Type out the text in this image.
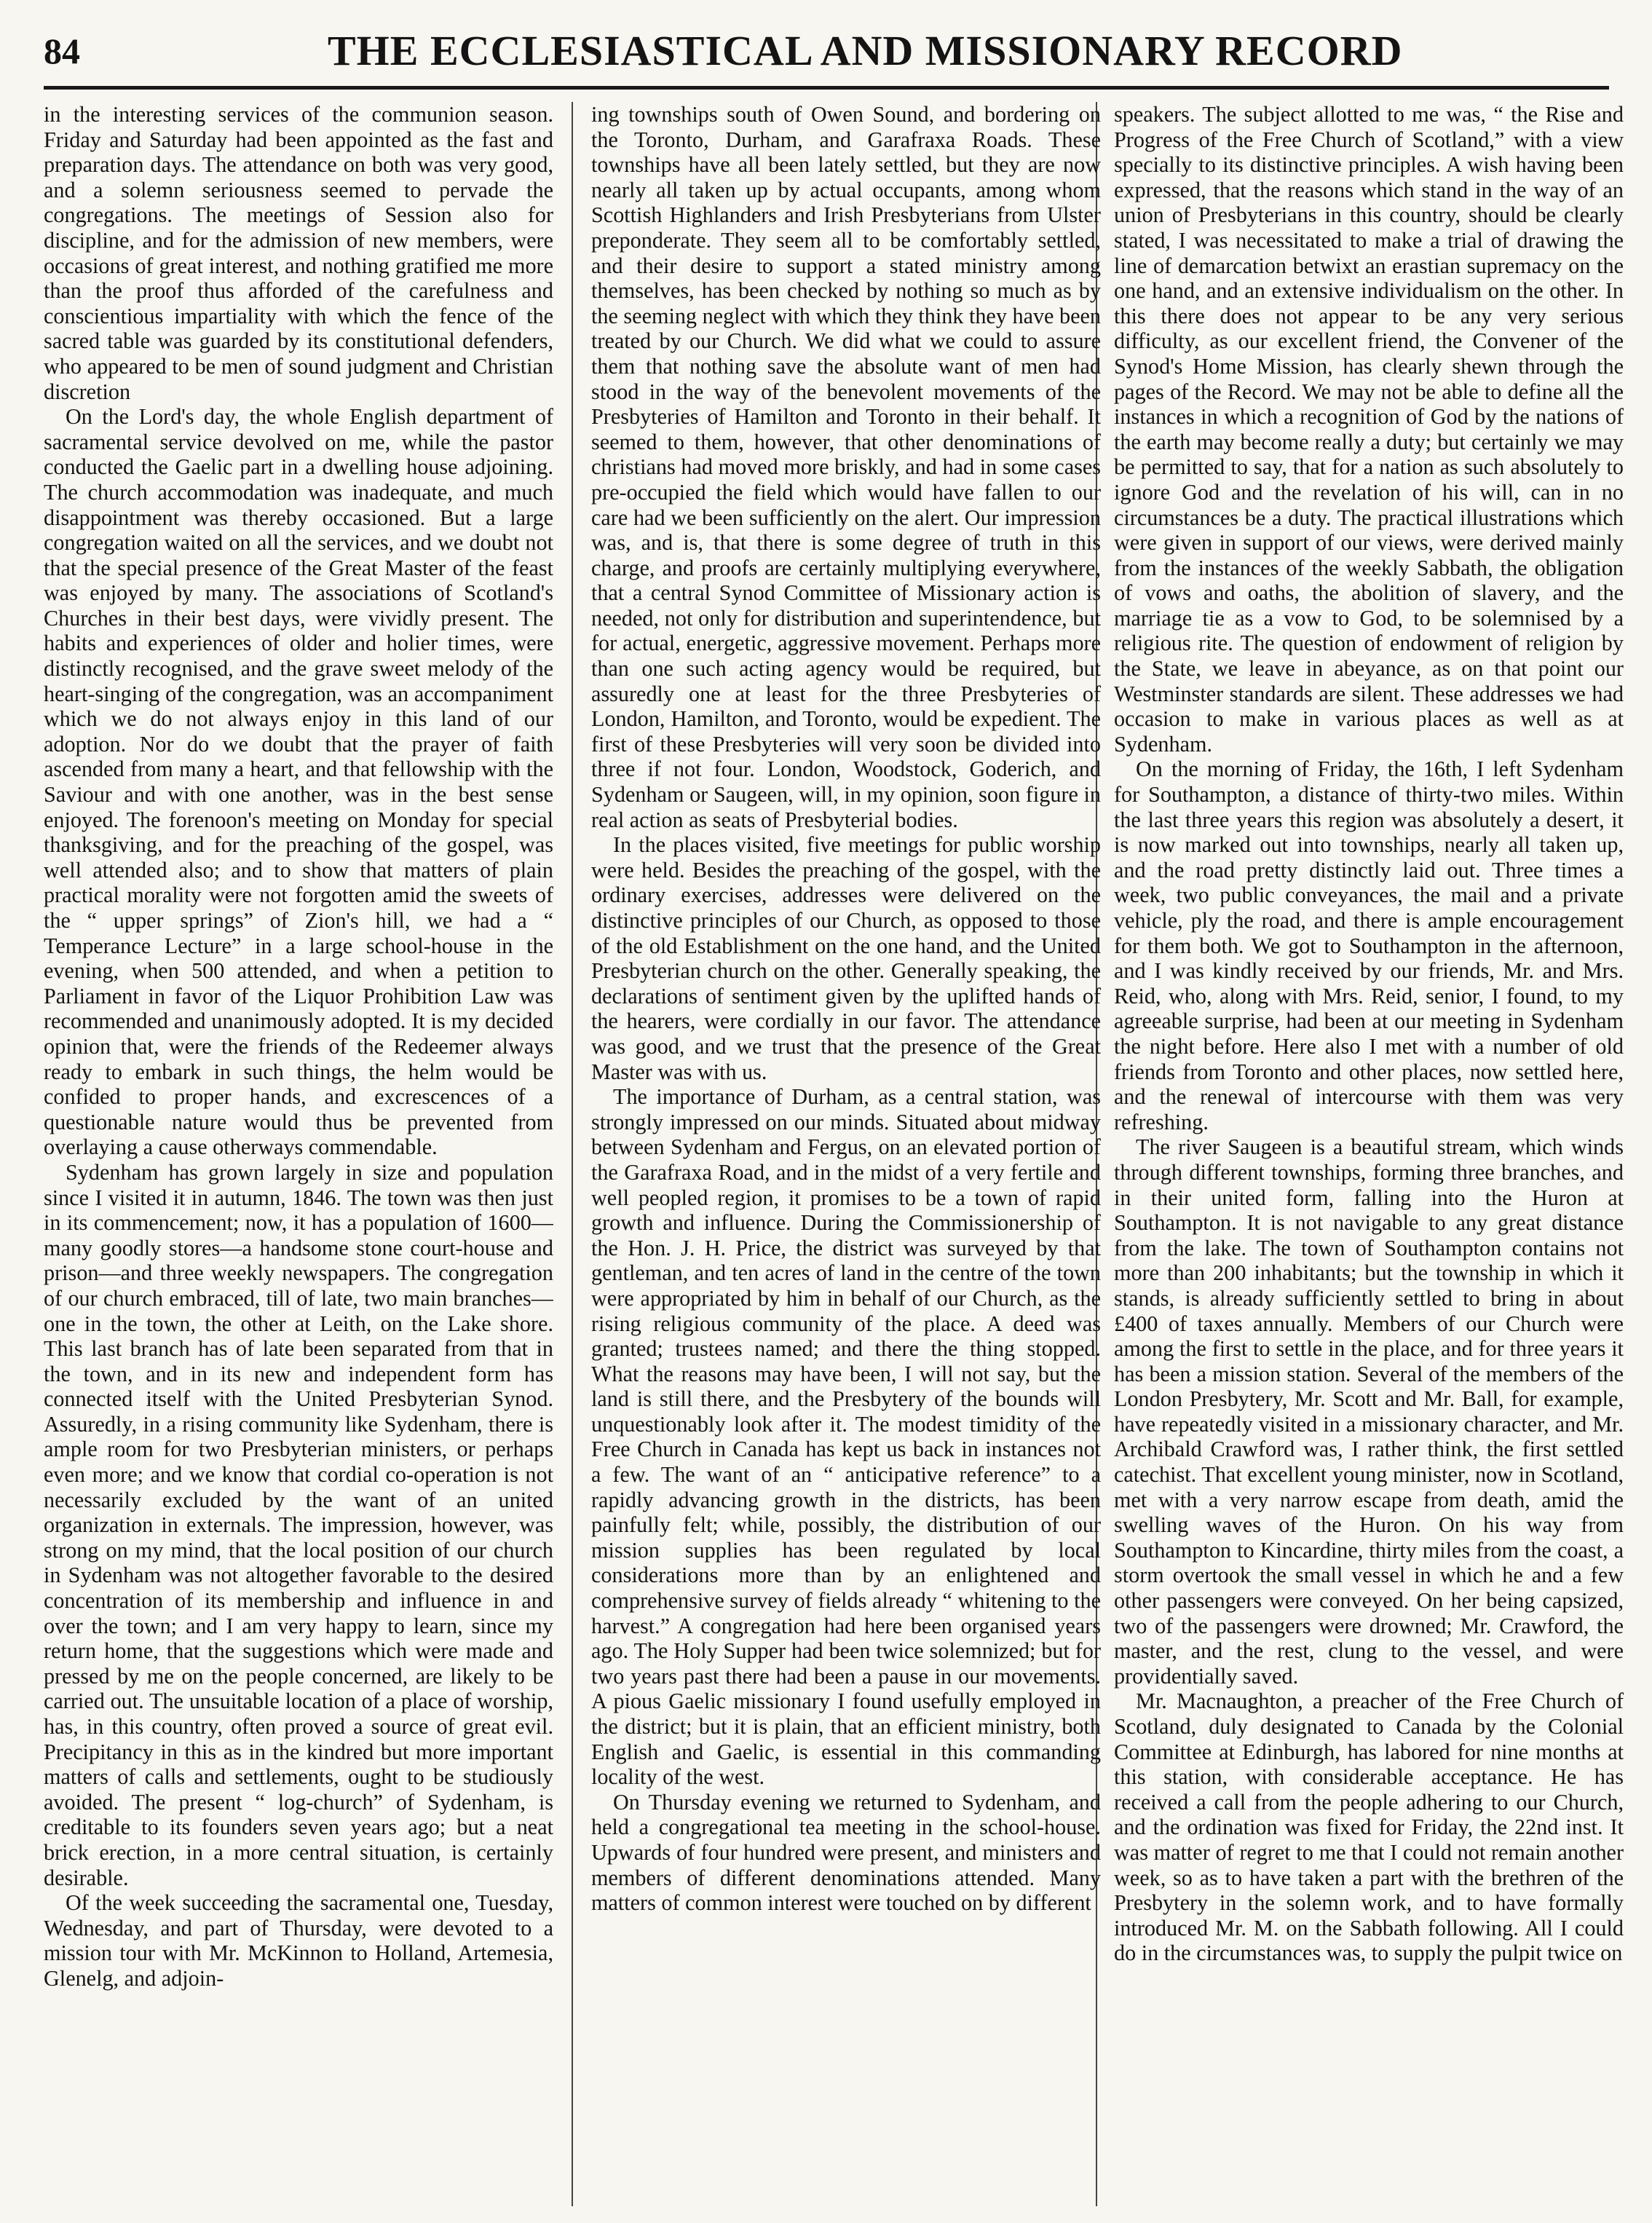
84	THE ECCLESIASTICAL AND MISSIONARY RECORD

in the interesting services of the communion season. Friday and Saturday had been appointed as the fast and preparation days. The attendance on both was very good, and a solemn seriousness seemed to pervade the congregations. The meetings of Session also for discipline, and for the admission of new members, were occasions of great interest, and nothing gratified me more than the proof thus afforded of the carefulness and conscientious impartiality with which the fence of the sacred table was guarded by its constitutional defenders, who appeared to be men of sound judgment and Christian discretion

On the Lord's day, the whole English department of sacramental service devolved on me, while the pastor conducted the Gaelic part in a dwelling house adjoining. The church accommodation was inadequate, and much disappointment was thereby occasioned. But a large congregation waited on all the services, and we doubt not that the special presence of the Great Master of the feast was enjoyed by many. The associations of Scotland's Churches in their best days, were vividly present. The habits and experiences of older and holier times, were distinctly recognised, and the grave sweet melody of the heart-singing of the congregation, was an accompaniment which we do not always enjoy in this land of our adoption. Nor do we doubt that the prayer of faith ascended from many a heart, and that fellowship with the Saviour and with one another, was in the best sense enjoyed. The forenoon's meeting on Monday for special thanksgiving, and for the preaching of the gospel, was well attended also; and to show that matters of plain practical morality were not forgotten amid the sweets of the “ upper springs” of Zion's hill, we had a “ Temperance Lecture” in a large school-house in the evening, when 500 attended, and when a petition to Parliament in favor of the Liquor Prohibition Law was recommended and unanimously adopted. It is my decided opinion that, were the friends of the Redeemer always ready to embark in such things, the helm would be confided to proper hands, and excrescences of a questionable nature would thus be prevented from overlaying a cause otherways commendable.

Sydenham has grown largely in size and population since I visited it in autumn, 1846. The town was then just in its commencement; now, it has a population of 1600—many goodly stores—a handsome stone court-house and prison—and three weekly newspapers. The congregation of our church embraced, till of late, two main branches—one in the town, the other at Leith, on the Lake shore. This last branch has of late been separated from that in the town, and in its new and independent form has connected itself with the United Presbyterian Synod. Assuredly, in a rising community like Sydenham, there is ample room for two Presbyterian ministers, or perhaps even more; and we know that cordial co-operation is not necessarily excluded by the want of an united organization in externals. The impression, however, was strong on my mind, that the local position of our church in Sydenham was not altogether favorable to the desired concentration of its membership and influence in and over the town; and I am very happy to learn, since my return home, that the suggestions which were made and pressed by me on the people concerned, are likely to be carried out. The unsuitable location of a place of worship, has, in this country, often proved a source of great evil. Precipitancy in this as in the kindred but more important matters of calls and settlements, ought to be studiously avoided. The present “ log-church” of Sydenham, is creditable to its founders seven years ago; but a neat brick erection, in a more central situation, is certainly desirable.

Of the week succeeding the sacramental one, Tuesday, Wednesday, and part of Thursday, were devoted to a mission tour with Mr. McKinnon to Holland, Artemesia, Glenelg, and adjoin-

ing townships south of Owen Sound, and bordering on the Toronto, Durham, and Garafraxa Roads. These townships have all been lately settled, but they are now nearly all taken up by actual occupants, among whom Scottish Highlanders and Irish Presbyterians from Ulster preponderate. They seem all to be comfortably settled, and their desire to support a stated ministry among themselves, has been checked by nothing so much as by the seeming neglect with which they think they have been treated by our Church. We did what we could to assure them that nothing save the absolute want of men had stood in the way of the benevolent movements of the Presbyteries of Hamilton and Toronto in their behalf. It seemed to them, however, that other denominations of christians had moved more briskly, and had in some cases pre-occupied the field which would have fallen to our care had we been sufficiently on the alert. Our impression was, and is, that there is some degree of truth in this charge, and proofs are certainly multiplying everywhere, that a central Synod Committee of Missionary action is needed, not only for distribution and superintendence, but for actual, energetic, aggressive movement. Perhaps more than one such acting agency would be required, but assuredly one at least for the three Presbyteries of London, Hamilton, and Toronto, would be expedient. The first of these Presbyteries will very soon be divided into three if not four. London, Woodstock, Goderich, and Sydenham or Saugeen, will, in my opinion, soon figure in real action as seats of Presbyterial bodies.

In the places visited, five meetings for public worship were held. Besides the preaching of the gospel, with the ordinary exercises, addresses were delivered on the distinctive principles of our Church, as opposed to those of the old Establishment on the one hand, and the United Presbyterian church on the other. Generally speaking, the declarations of sentiment given by the uplifted hands of the hearers, were cordially in our favor. The attendance was good, and we trust that the presence of the Great Master was with us.

The importance of Durham, as a central station, was strongly impressed on our minds. Situated about midway between Sydenham and Fergus, on an elevated portion of the Garafraxa Road, and in the midst of a very fertile and well peopled region, it promises to be a town of rapid growth and influence. During the Commissionership of the Hon. J. H. Price, the district was surveyed by that gentleman, and ten acres of land in the centre of the town were appropriated by him in behalf of our Church, as the rising religious community of the place. A deed was granted; trustees named; and there the thing stopped. What the reasons may have been, I will not say, but the land is still there, and the Presbytery of the bounds will unquestionably look after it. The modest timidity of the Free Church in Canada has kept us back in instances not a few. The want of an “ anticipative reference” to a rapidly advancing growth in the districts, has been painfully felt; while, possibly, the distribution of our mission supplies has been regulated by local considerations more than by an enlightened and comprehensive survey of fields already “ whitening to the harvest.” A congregation had here been organised years ago. The Holy Supper had been twice solemnized; but for two years past there had been a pause in our movements. A pious Gaelic missionary I found usefully employed in the district; but it is plain, that an efficient ministry, both English and Gaelic, is essential in this commanding locality of the west.

On Thursday evening we returned to Sydenham, and held a congregational tea meeting in the school-house. Upwards of four hundred were present, and ministers and members of different denominations attended. Many matters of common interest were touched on by different

speakers. The subject allotted to me was, “ the Rise and Progress of the Free Church of Scotland,” with a view specially to its distinctive principles. A wish having been expressed, that the reasons which stand in the way of an union of Presbyterians in this country, should be clearly stated, I was necessitated to make a trial of drawing the line of demarcation betwixt an erastian supremacy on the one hand, and an extensive individualism on the other. In this there does not appear to be any very serious difficulty, as our excellent friend, the Convener of the Synod's Home Mission, has clearly shewn through the pages of the Record. We may not be able to define all the instances in which a recognition of God by the nations of the earth may become really a duty; but certainly we may be permitted to say, that for a nation as such absolutely to ignore God and the revelation of his will, can in no circumstances be a duty. The practical illustrations which were given in support of our views, were derived mainly from the instances of the weekly Sabbath, the obligation of vows and oaths, the abolition of slavery, and the marriage tie as a vow to God, to be solemnised by a religious rite. The question of endowment of religion by the State, we leave in abeyance, as on that point our Westminster standards are silent. These addresses we had occasion to make in various places as well as at Sydenham.

On the morning of Friday, the 16th, I left Sydenham for Southampton, a distance of thirty-two miles. Within the last three years this region was absolutely a desert, it is now marked out into townships, nearly all taken up, and the road pretty distinctly laid out. Three times a week, two public conveyances, the mail and a private vehicle, ply the road, and there is ample encouragement for them both. We got to Southampton in the afternoon, and I was kindly received by our friends, Mr. and Mrs. Reid, who, along with Mrs. Reid, senior, I found, to my agreeable surprise, had been at our meeting in Sydenham the night before. Here also I met with a number of old friends from Toronto and other places, now settled here, and the renewal of intercourse with them was very refreshing.

The river Saugeen is a beautiful stream, which winds through different townships, forming three branches, and in their united form, falling into the Huron at Southampton. It is not navigable to any great distance from the lake. The town of Southampton contains not more than 200 inhabitants; but the township in which it stands, is already sufficiently settled to bring in about £400 of taxes annually. Members of our Church were among the first to settle in the place, and for three years it has been a mission station. Several of the members of the London Presbytery, Mr. Scott and Mr. Ball, for example, have repeatedly visited in a missionary character, and Mr. Archibald Crawford was, I rather think, the first settled catechist. That excellent young minister, now in Scotland, met with a very narrow escape from death, amid the swelling waves of the Huron. On his way from Southampton to Kincardine, thirty miles from the coast, a storm overtook the small vessel in which he and a few other passengers were conveyed. On her being capsized, two of the passengers were drowned; Mr. Crawford, the master, and the rest, clung to the vessel, and were providentially saved.

Mr. Macnaughton, a preacher of the Free Church of Scotland, duly designated to Canada by the Colonial Committee at Edinburgh, has labored for nine months at this station, with considerable acceptance. He has received a call from the people adhering to our Church, and the ordination was fixed for Friday, the 22nd inst. It was matter of regret to me that I could not remain another week, so as to have taken a part with the brethren of the Presbytery in the solemn work, and to have formally introduced Mr. M. on the Sabbath following. All I could do in the circumstances was, to supply the pulpit twice on
